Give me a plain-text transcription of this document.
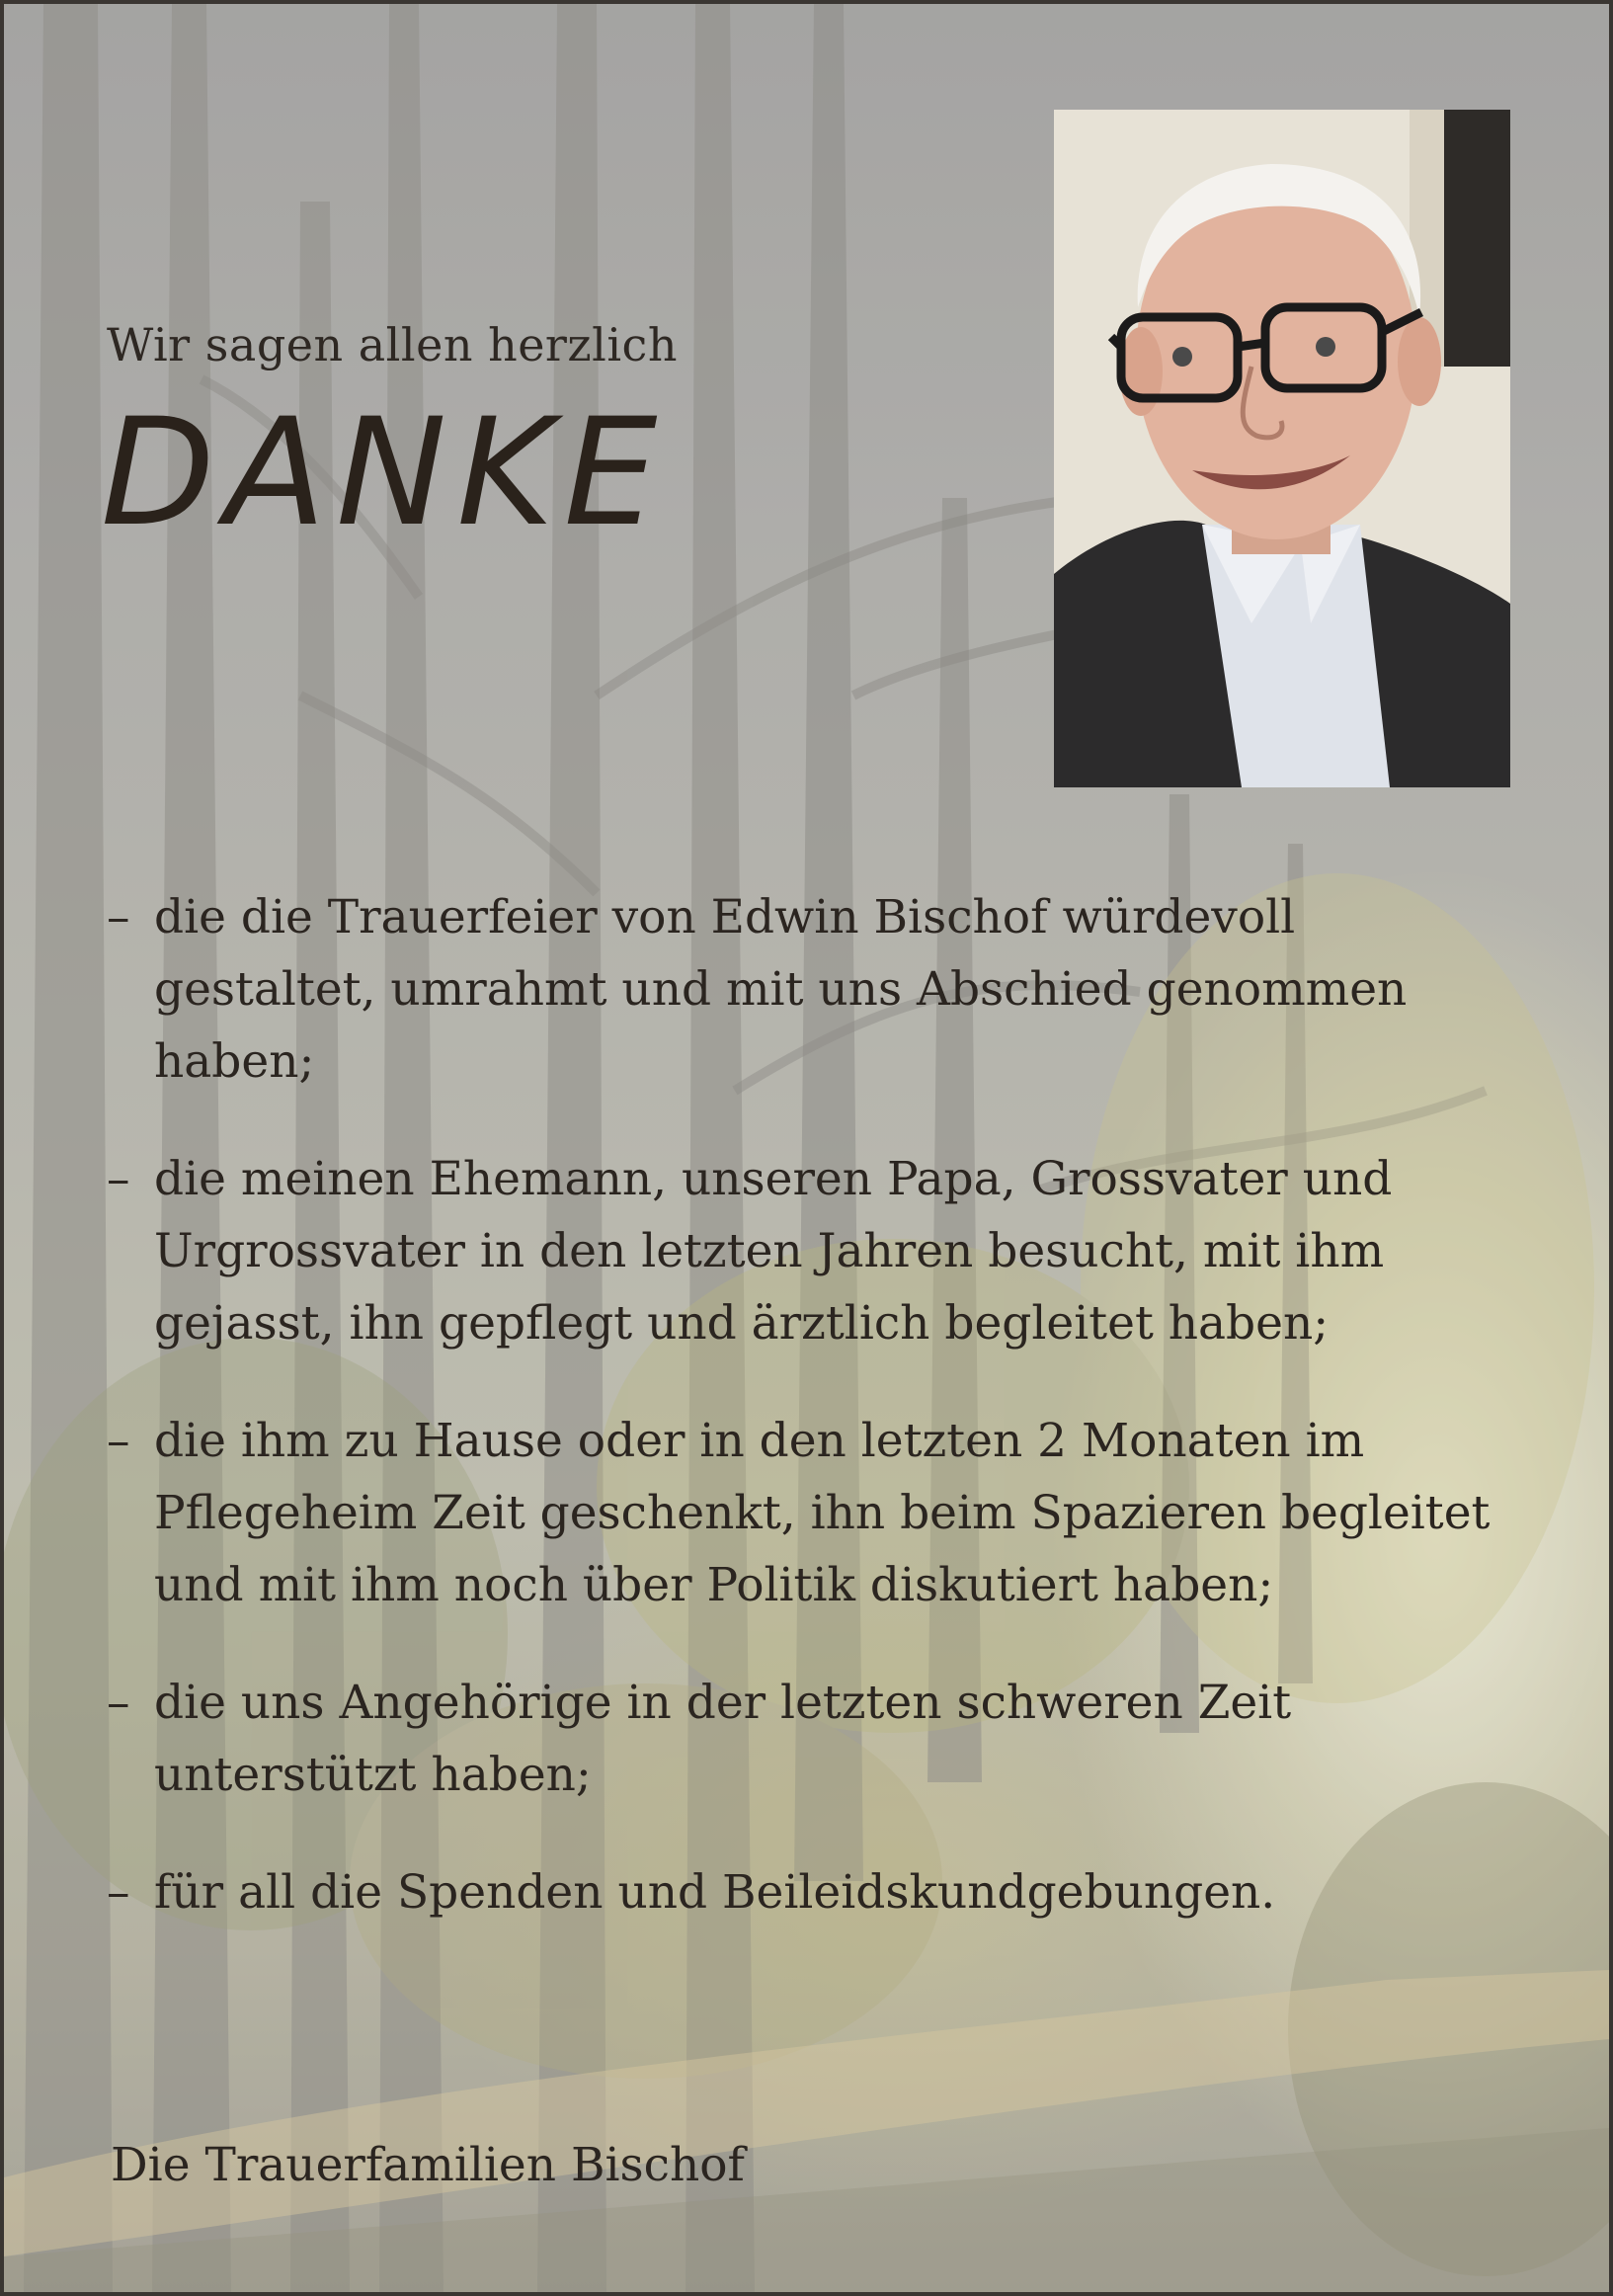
Wir sagen allen herzlich
DANKE
– die die Trauerfeier von Edwin Bischof würdevoll gestaltet, umrahmt und mit uns Abschied genommen haben;
– die meinen Ehemann, unseren Papa, Grossvater und Urgrossvater in den letzten Jahren besucht, mit ihm gejasst, ihn gepflegt und ärztlich begleitet haben;
– die ihm zu Hause oder in den letzten 2 Monaten im Pflegeheim Zeit geschenkt, ihn beim Spazieren begleitet und mit ihm noch über Politik diskutiert haben;
– die uns Angehörige in der letzten schweren Zeit unterstützt haben;
– für all die Spenden und Beileidskundgebungen.
Die Trauerfamilien Bischof
